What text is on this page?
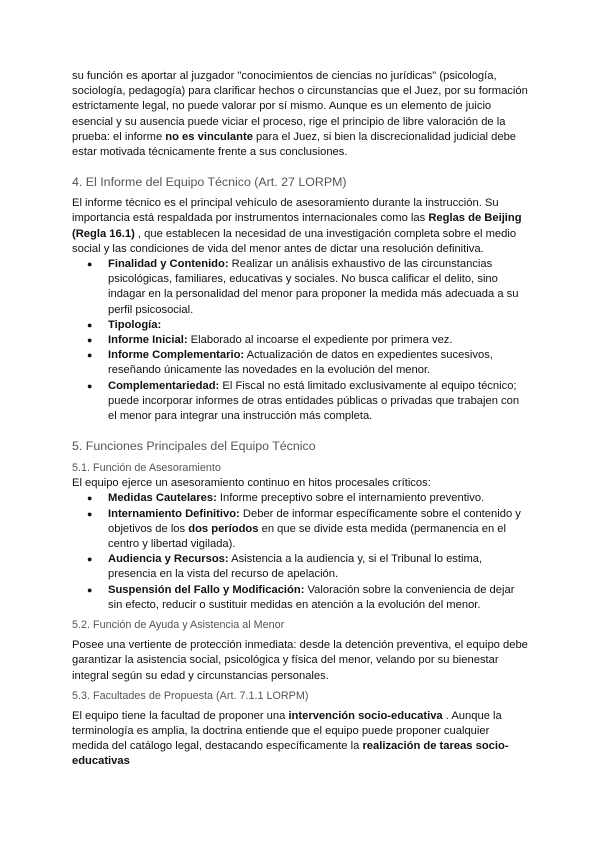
su función es aportar al juzgador "conocimientos de ciencias no jurídicas" (psicología, sociología, pedagogía) para clarificar hechos o circunstancias que el Juez, por su formación estrictamente legal, no puede valorar por sí mismo. Aunque es un elemento de juicio esencial y su ausencia puede viciar el proceso, rige el principio de libre valoración de la prueba: el informe no es vinculante para el Juez, si bien la discrecionalidad judicial debe estar motivada técnicamente frente a sus conclusiones.

4. El Informe del Equipo Técnico (Art. 27 LORPM)

El informe técnico es el principal vehículo de asesoramiento durante la instrucción. Su importancia está respaldada por instrumentos internacionales como las Reglas de Beijing (Regla 16.1) , que establecen la necesidad de una investigación completa sobre el medio social y las condiciones de vida del menor antes de dictar una resolución definitiva.

● Finalidad y Contenido: Realizar un análisis exhaustivo de las circunstancias psicológicas, familiares, educativas y sociales. No busca calificar el delito, sino indagar en la personalidad del menor para proponer la medida más adecuada a su perfil psicosocial.
● Tipología:
● Informe Inicial: Elaborado al incoarse el expediente por primera vez.
● Informe Complementario: Actualización de datos en expedientes sucesivos, reseñando únicamente las novedades en la evolución del menor.
● Complementariedad: El Fiscal no está limitado exclusivamente al equipo técnico; puede incorporar informes de otras entidades públicas o privadas que trabajen con el menor para integrar una instrucción más completa.
5. Funciones Principales del Equipo Técnico
5.1. Función de Asesoramiento

El equipo ejerce un asesoramiento continuo en hitos procesales críticos:

● Medidas Cautelares: Informe preceptivo sobre el internamiento preventivo.
● Internamiento Definitivo: Deber de informar específicamente sobre el contenido y objetivos de los dos períodos en que se divide esta medida (permanencia en el centro y libertad vigilada).
● Audiencia y Recursos: Asistencia a la audiencia y, si el Tribunal lo estima, presencia en la vista del recurso de apelación.
● Suspensión del Fallo y Modificación: Valoración sobre la conveniencia de dejar sin efecto, reducir o sustituir medidas en atención a la evolución del menor.
5.2. Función de Ayuda y Asistencia al Menor

Posee una vertiente de protección inmediata: desde la detención preventiva, el equipo debe garantizar la asistencia social, psicológica y física del menor, velando por su bienestar integral según su edad y circunstancias personales.

5.3. Facultades de Propuesta (Art. 7.1.1 LORPM)

El equipo tiene la facultad de proponer una intervención socio-educativa . Aunque la terminología es amplia, la doctrina entiende que el equipo puede proponer cualquier medida del catálogo legal, destacando específicamente la realización de tareas socio-educativas
